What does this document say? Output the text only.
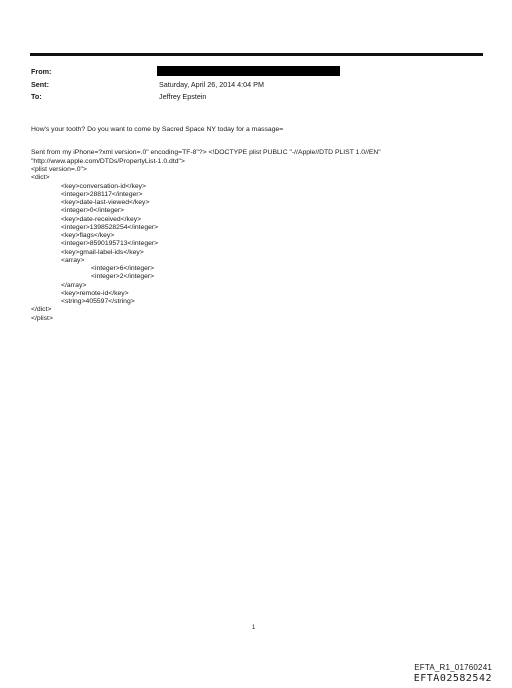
From:
Sent:	Saturday, April 26, 2014 4:04 PM
To:	Jeffrey Epstein
How's your tooth? Do you want to come by Sacred Space NY today for a massage=
Sent from my iPhone=?xml version=.0" encoding=TF-8"?> <!DOCTYPE plist PUBLIC "-//Apple//DTD PLIST 1.0//EN"
"http://www.apple.com/DTDs/PropertyList-1.0.dtd">
<plist version=.0">
<dict>
<key>conversation-id</key>
<integer>288117</integer>
<key>date-last-viewed</key>
<integer>0</integer>
<key>date-received</key>
<integer>1398528254</integer>
<key>flags</key>
<integer>8590195713</integer>
<key>gmail-label-ids</key>
<array>
<integer>6</integer>
<integer>2</integer>
</array>
<key>remote-id</key>
<string>405597</string>
</dict>
</plist>
1
EFTA_R1_01760241
EFTA02582542
